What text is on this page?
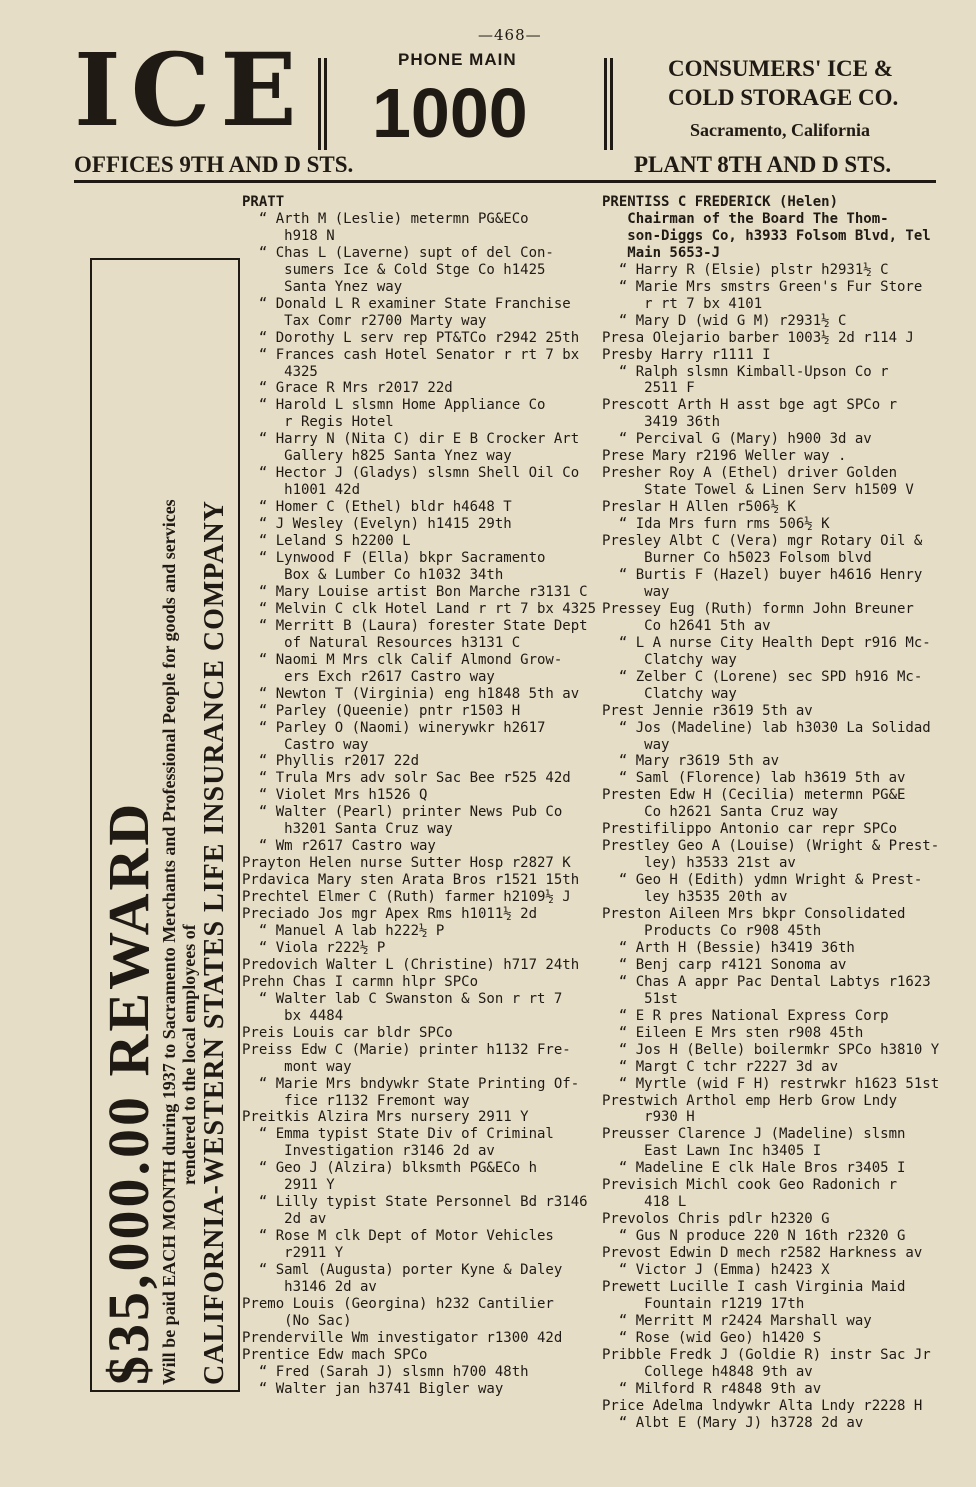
—468—
ICE	PHONE MAIN
1000
CONSUMERS' ICE &
COLD STORAGE CO.
Sacramento, California
OFFICES 9TH AND D STS.	PLANT 8TH AND D STS.
$35,000.00 REWARD
Will be paid EACH MONTH during 1937 to Sacramento Merchants and Professional People for goods and services rendered to the local employees of CALIFORNIA-WESTERN STATES LIFE INSURANCE COMPANY
PRATT
“ Arth M (Leslie) metermn PG&ECo
h918 N
“ Chas L (Laverne) supt of del Con-
sumers Ice & Cold Stge Co h1425
Santa Ynez way
“ Donald L R examiner State Franchise
Tax Comr r2700 Marty way
“ Dorothy L serv rep PT&TCo r2942 25th
“ Frances cash Hotel Senator r rt 7 bx
4325
“ Grace R Mrs r2017 22d
“ Harold L slsmn Home Appliance Co
r Regis Hotel
“ Harry N (Nita C) dir E B Crocker Art
Gallery h825 Santa Ynez way
“ Hector J (Gladys) slsmn Shell Oil Co
h1001 42d
“ Homer C (Ethel) bldr h4648 T
“ J Wesley (Evelyn) h1415 29th
“ Leland S h2200 L
“ Lynwood F (Ella) bkpr Sacramento
Box & Lumber Co h1032 34th
“ Mary Louise artist Bon Marche r3131 C
“ Melvin C clk Hotel Land r rt 7 bx 4325
“ Merritt B (Laura) forester State Dept
of Natural Resources h3131 C
“ Naomi M Mrs clk Calif Almond Grow-
ers Exch r2617 Castro way
“ Newton T (Virginia) eng h1848 5th av
“ Parley (Queenie) pntr r1503 H
“ Parley O (Naomi) winerywkr h2617
Castro way
“ Phyllis r2017 22d
“ Trula Mrs adv solr Sac Bee r525 42d
“ Violet Mrs h1526 Q
“ Walter (Pearl) printer News Pub Co
h3201 Santa Cruz way
“ Wm r2617 Castro way
Prayton Helen nurse Sutter Hosp r2827 K
Prdavica Mary sten Arata Bros r1521 15th
Prechtel Elmer C (Ruth) farmer h2109½ J
Preciado Jos mgr Apex Rms h1011½ 2d
“ Manuel A lab h222½ P
“ Viola r222½ P
Predovich Walter L (Christine) h717 24th
Prehn Chas I carmn hlpr SPCo
“ Walter lab C Swanston & Son r rt 7
bx 4484
Preis Louis car bldr SPCo
Preiss Edw C (Marie) printer h1132 Fre-
mont way
“ Marie Mrs bndywkr State Printing Of-
fice r1132 Fremont way
Preitkis Alzira Mrs nursery 2911 Y
“ Emma typist State Div of Criminal
Investigation r3146 2d av
“ Geo J (Alzira) blksmth PG&ECo h
2911 Y
“ Lilly typist State Personnel Bd r3146
2d av
“ Rose M clk Dept of Motor Vehicles
r2911 Y
“ Saml (Augusta) porter Kyne & Daley
h3146 2d av
Premo Louis (Georgina) h232 Cantilier
(No Sac)
Prenderville Wm investigator r1300 42d
Prentice Edw mach SPCo
“ Fred (Sarah J) slsmn h700 48th
“ Walter jan h3741 Bigler way
PRENTISS C FREDERICK (Helen)
Chairman of the Board The Thom-
son-Diggs Co, h3933 Folsom Blvd, Tel
Main 5653-J
“ Harry R (Elsie) plstr h2931½ C
“ Marie Mrs smstrs Green's Fur Store
r rt 7 bx 4101
“ Mary D (wid G M) r2931½ C
Presa Olejario barber 1003½ 2d r114 J
Presby Harry r1111 I
“ Ralph slsmn Kimball-Upson Co r
2511 F
Prescott Arth H asst bge agt SPCo r
3419 36th
“ Percival G (Mary) h900 3d av
Prese Mary r2196 Weller way .
Presher Roy A (Ethel) driver Golden
State Towel & Linen Serv h1509 V
Preslar H Allen r506½ K
“ Ida Mrs furn rms 506½ K
Presley Albt C (Vera) mgr Rotary Oil &
Burner Co h5023 Folsom blvd
“ Burtis F (Hazel) buyer h4616 Henry
way
Pressey Eug (Ruth) formn John Breuner
Co h2641 5th av
“ L A nurse City Health Dept r916 Mc-
Clatchy way
“ Zelber C (Lorene) sec SPD h916 Mc-
Clatchy way
Prest Jennie r3619 5th av
“ Jos (Madeline) lab h3030 La Solidad
way
“ Mary r3619 5th av
“ Saml (Florence) lab h3619 5th av
Presten Edw H (Cecilia) metermn PG&E
Co h2621 Santa Cruz way
Prestifilippo Antonio car repr SPCo
Prestley Geo A (Louise) (Wright & Prest-
ley) h3533 21st av
“ Geo H (Edith) ydmn Wright & Prest-
ley h3535 20th av
Preston Aileen Mrs bkpr Consolidated
Products Co r908 45th
“ Arth H (Bessie) h3419 36th
“ Benj carp r4121 Sonoma av
“ Chas A appr Pac Dental Labtys r1623
51st
“ E R pres National Express Corp
“ Eileen E Mrs sten r908 45th
“ Jos H (Belle) boilermkr SPCo h3810 Y
“ Margt C tchr r2227 3d av
“ Myrtle (wid F H) restrwkr h1623 51st
Prestwich Arthol emp Herb Grow Lndy
r930 H
Preusser Clarence J (Madeline) slsmn
East Lawn Inc h3405 I
“ Madeline E clk Hale Bros r3405 I
Previsich Michl cook Geo Radonich r
418 L
Prevolos Chris pdlr h2320 G
“ Gus N produce 220 N 16th r2320 G
Prevost Edwin D mech r2582 Harkness av
“ Victor J (Emma) h2423 X
Prewett Lucille I cash Virginia Maid
Fountain r1219 17th
“ Merritt M r2424 Marshall way
“ Rose (wid Geo) h1420 S
Pribble Fredk J (Goldie R) instr Sac Jr
College h4848 9th av
“ Milford R r4848 9th av
Price Adelma lndywkr Alta Lndy r2228 H
“ Albt E (Mary J) h3728 2d av
